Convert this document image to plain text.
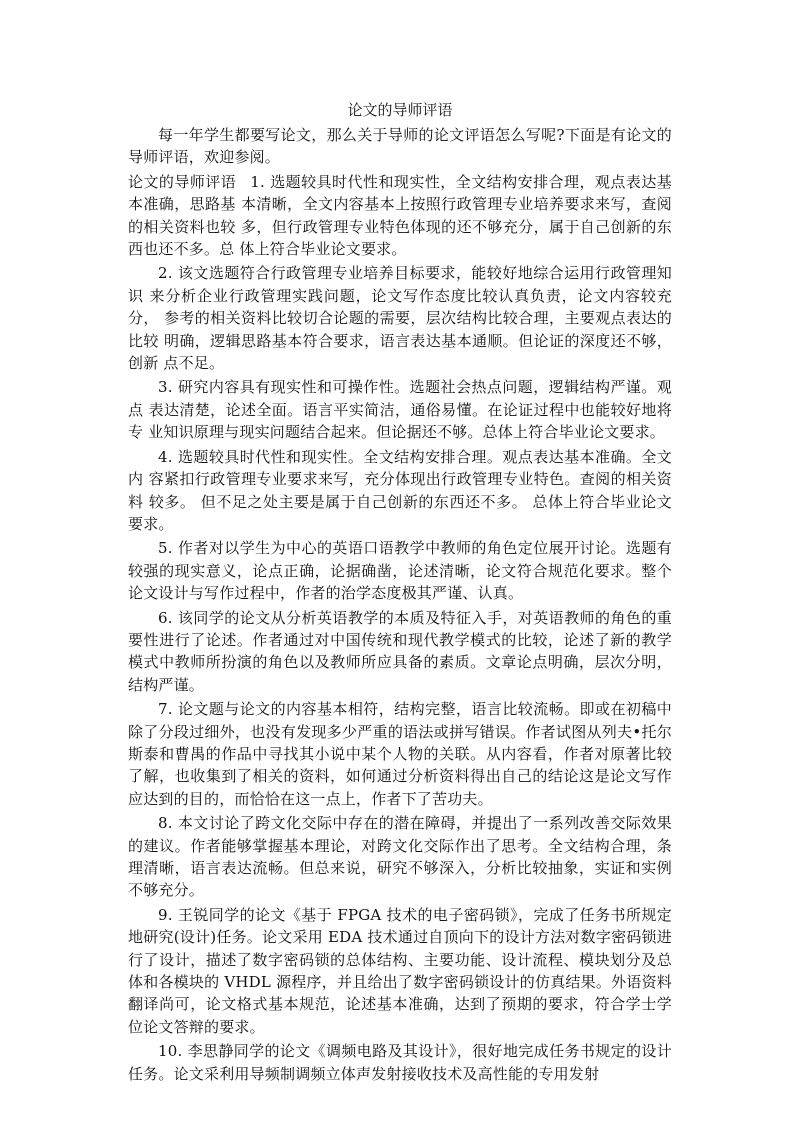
论文的导师评语

每一年学生都要写论文，那么关于导师的论文评语怎么写呢?下面是有论文的导师评语，欢迎参阅。

论文的导师评语 1. 选题较具时代性和现实性，全文结构安排合理，观点表达基本准确，思路基 本清晰，全文内容基本上按照行政管理专业培养要求来写，查阅的相关资料也较 多，但行政管理专业特色体现的还不够充分，属于自己创新的东西也还不多。总 体上符合毕业论文要求。

2. 该文选题符合行政管理专业培养目标要求，能较好地综合运用行政管理知识 来分析企业行政管理实践问题，论文写作态度比较认真负责，论文内容较充分， 参考的相关资料比较切合论题的需要，层次结构比较合理，主要观点表达的比较 明确，逻辑思路基本符合要求，语言表达基本通顺。但论证的深度还不够，创新 点不足。

3. 研究内容具有现实性和可操作性。选题社会热点问题，逻辑结构严谨。观点 表达清楚，论述全面。语言平实简洁，通俗易懂。在论证过程中也能较好地将专 业知识原理与现实问题结合起来。但论据还不够。总体上符合毕业论文要求。

4. 选题较具时代性和现实性。全文结构安排合理。观点表达基本准确。全文内 容紧扣行政管理专业要求来写，充分体现出行政管理专业特色。查阅的相关资料 较多。 但不足之处主要是属于自己创新的东西还不多。 总体上符合毕业论文要求。

5. 作者对以学生为中心的英语口语教学中教师的角色定位展开讨论。选题有较强的现实意义，论点正确，论据确凿，论述清晰，论文符合规范化要求。整个论文设计与写作过程中，作者的治学态度极其严谨、认真。

6. 该同学的论文从分析英语教学的本质及特征入手，对英语教师的角色的重要性进行了论述。作者通过对中国传统和现代教学模式的比较，论述了新的教学模式中教师所扮演的角色以及教师所应具备的素质。文章论点明确，层次分明，结构严谨。

7. 论文题与论文的内容基本相符，结构完整，语言比较流畅。即或在初稿中除了分段过细外，也没有发现多少严重的语法或拼写错误。作者试图从列夫•托尔斯泰和曹禺的作品中寻找其小说中某个人物的关联。从内容看，作者对原著比较了解，也收集到了相关的资料，如何通过分析资料得出自己的结论这是论文写作应达到的目的，而恰恰在这一点上，作者下了苦功夫。

8. 本文讨论了跨文化交际中存在的潜在障碍，并提出了一系列改善交际效果的建议。作者能够掌握基本理论，对跨文化交际作出了思考。全文结构合理，条理清晰，语言表达流畅。但总来说，研究不够深入，分析比较抽象，实证和实例不够充分。

9. 王锐同学的论文《基于 FPGA 技术的电子密码锁》，完成了任务书所规定地研究(设计)任务。论文采用 EDA 技术通过自顶向下的设计方法对数字密码锁进行了设计，描述了数字密码锁的总体结构、主要功能、设计流程、模块划分及总体和各模块的 VHDL 源程序，并且给出了数字密码锁设计的仿真结果。外语资料翻译尚可，论文格式基本规范，论述基本准确，达到了预期的要求，符合学士学位论文答辩的要求。

10. 李思静同学的论文《调频电路及其设计》，很好地完成任务书规定的设计任务。论文采利用导频制调频立体声发射接收技术及高性能的专用发射
